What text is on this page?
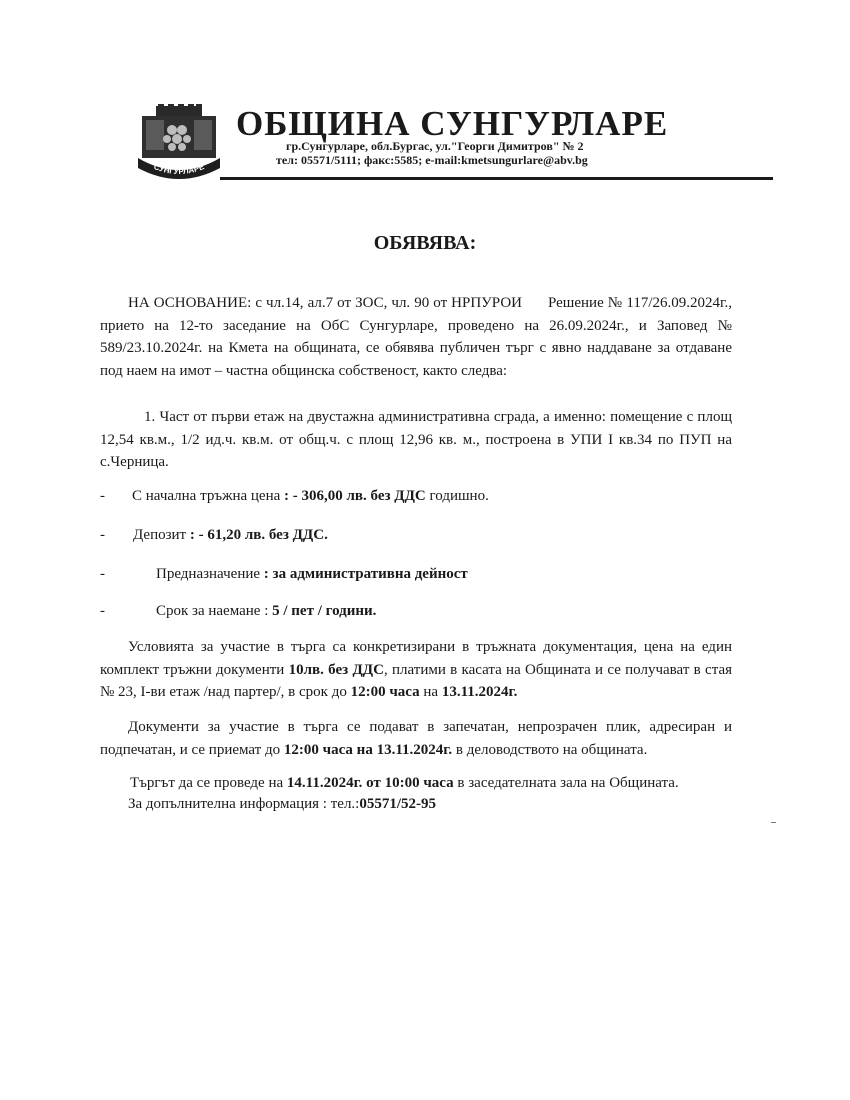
СУНГУРЛАРЕ
ОБЩИНА СУНГУРЛАРЕ
гр.Сунгурларе, обл.Бургас, ул."Георги Димитров" № 2
тел: 05571/5111; факс:5585; e-mail:kmetsungurlare@abv.bg
ОБЯВЯВА:

НА ОСНОВАНИЕ: с чл.14, ал.7 от ЗОС, чл. 90 от НРПУРОИ Решение № 117/26.09.2024г., прието на 12-то заседание на ОбС Сунгурларе, проведено на 26.09.2024г., и Заповед № 589/23.10.2024г. на Кмета на общината, се обявява публичен търг с явно наддаване за отдаване под наем на имот – частна общинска собственост, както следва:

1. Част от първи етаж на двустажна административна сграда, а именно: помещение с площ 12,54 кв.м., 1/2 ид.ч. кв.м. от общ.ч. с площ 12,96 кв. м., построена в УПИ I кв.34 по ПУП на с.Черница.

- С начална тръжна цена : - 306,00 лв. без ДДС годишно.
- Депозит : - 61,20 лв. без ДДС.
-	Предназначение : за административна дейност
-	Срок за наемане : 5 / пет / години.

Условията за участие в търга са конкретизирани в тръжната документация, цена на един комплект тръжни документи 10лв. без ДДС, платими в касата на Общината и се получават в стая № 23, I-ви етаж /над партер/, в срок до 12:00 часа на 13.11.2024г.

Документи за участие в търга се подават в запечатан, непрозрачен плик, адресиран и подпечатан, и се приемат до 12:00 часа на 13.11.2024г. в деловодството на общината.

Търгът да се проведе на 14.11.2024г. от 10:00 часа в заседателната зала на Общината.
За допълнителна информация : тел.:05571/52-95
